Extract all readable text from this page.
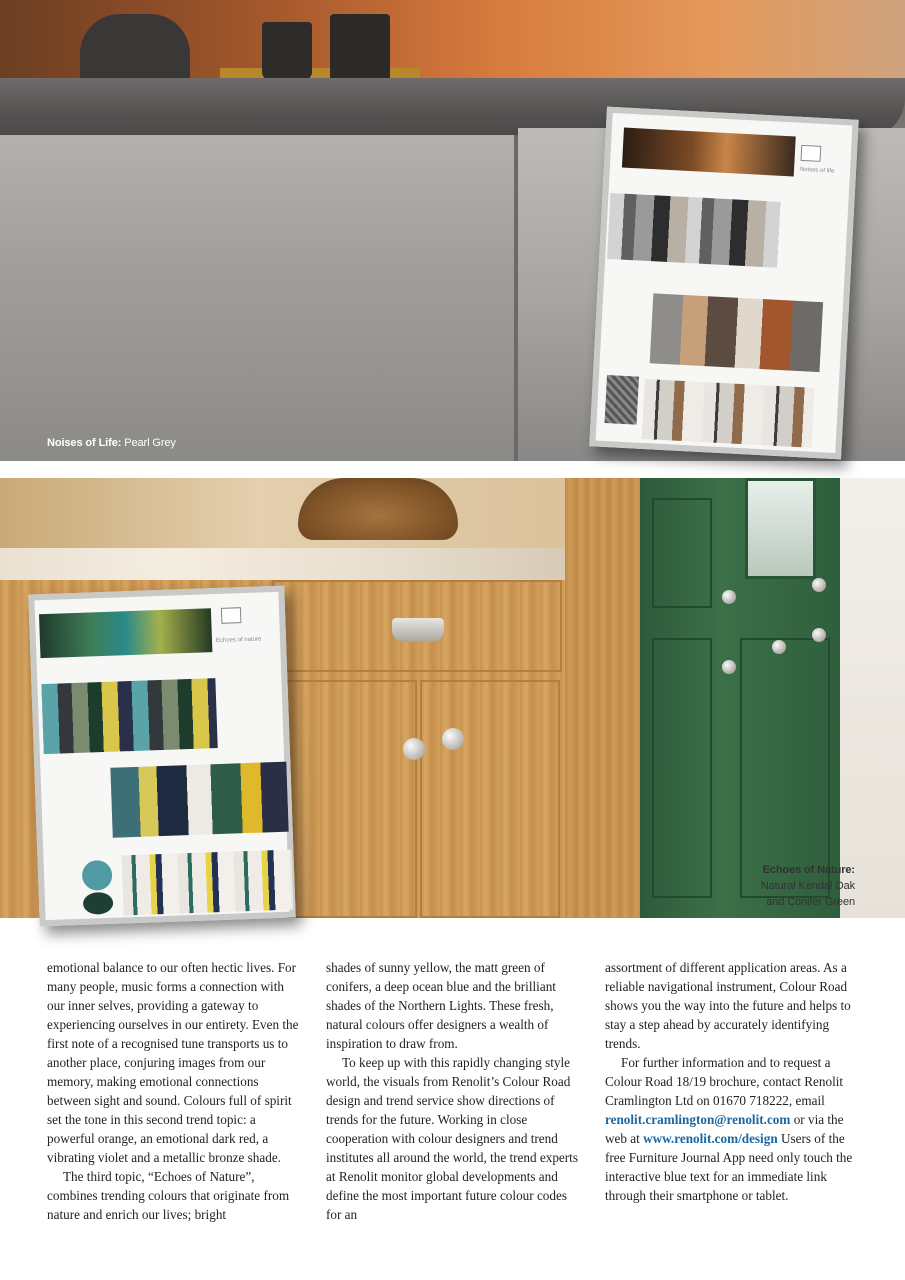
Noises of Life: Pearl Grey
Noises of life
Echoes of nature
Echoes of Nature:
Natural Kendal Oak
and Conifer Green

emotional balance to our often hectic lives. For many people, music forms a connection with our inner selves, providing a gateway to experiencing ourselves in our entirety. Even the first note of a recognised tune transports us to another place, conjuring images from our memory, making emotional connections between sight and sound. Colours full of spirit set the tone in this second trend topic: a powerful orange, an emotional dark red, a vibrating violet and a metallic bronze shade.

The third topic, “Echoes of Nature”, combines trending colours that originate from nature and enrich our lives; bright

shades of sunny yellow, the matt green of conifers, a deep ocean blue and the brilliant shades of the Northern Lights. These fresh, natural colours offer designers a wealth of inspiration to draw from.

To keep up with this rapidly changing style world, the visuals from Renolit’s Colour Road design and trend service show directions of trends for the future. Working in close cooperation with colour designers and trend institutes all around the world, the trend experts at Renolit monitor global developments and define the most important future colour codes for an

assortment of different application areas. As a reliable navigational instrument, Colour Road shows you the way into the future and helps to stay a step ahead by accurately identifying trends.

For further information and to request a Colour Road 18/19 brochure, contact Renolit Cramlington Ltd on 01670 718222, email renolit.cramlington@renolit.com or via the web at www.renolit.com/design Users of the free Furniture Journal App need only touch the interactive blue text for an immediate link through their smartphone or tablet.
